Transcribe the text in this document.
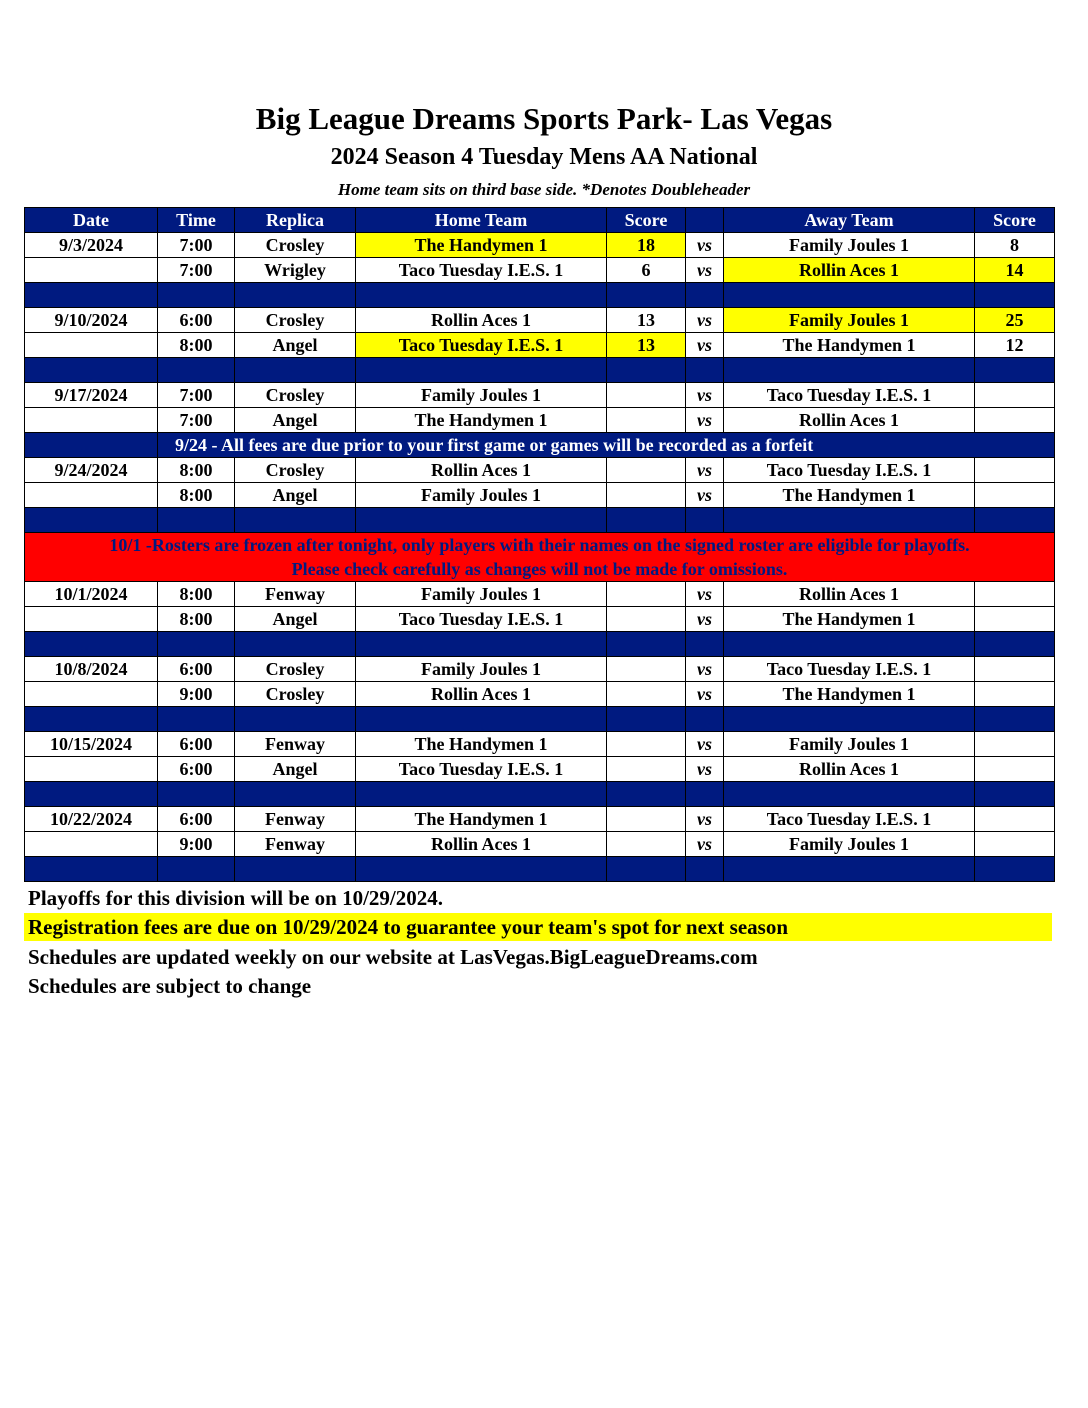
Big League Dreams Sports Park- Las Vegas
2024 Season 4 Tuesday Mens AA National
Home team sits on third base side. *Denotes Doubleheader
Date	Time	Replica	Home Team	Score		Away Team	Score
9/3/2024	7:00	Crosley	The Handymen 1	18	vs	Family Joules 1	8
	7:00	Wrigley	Taco Tuesday I.E.S. 1	6	vs	Rollin Aces 1	14

9/10/2024	6:00	Crosley	Rollin Aces 1	13	vs	Family Joules 1	25
	8:00	Angel	Taco Tuesday I.E.S. 1	13	vs	The Handymen 1	12

9/17/2024	7:00	Crosley	Family Joules 1		vs	Taco Tuesday I.E.S. 1	
	7:00	Angel	The Handymen 1		vs	Rollin Aces 1	
	9/24 - All fees are due prior to your first game or games will be recorded as a forfeit						
9/24/2024	8:00	Crosley	Rollin Aces 1		vs	Taco Tuesday I.E.S. 1	
	8:00	Angel	Family Joules 1		vs	The Handymen 1	

10/1 -Rosters are frozen after tonight, only players with their names on the signed roster are eligible for playoffs.							
Please check carefully as changes will not be made for omissions.							
10/1/2024	8:00	Fenway	Family Joules 1		vs	Rollin Aces 1	
	8:00	Angel	Taco Tuesday I.E.S. 1		vs	The Handymen 1	

10/8/2024	6:00	Crosley	Family Joules 1		vs	Taco Tuesday I.E.S. 1	
	9:00	Crosley	Rollin Aces 1		vs	The Handymen 1	

10/15/2024	6:00	Fenway	The Handymen 1		vs	Family Joules 1	
	6:00	Angel	Taco Tuesday I.E.S. 1		vs	Rollin Aces 1	

10/22/2024	6:00	Fenway	The Handymen 1		vs	Taco Tuesday I.E.S. 1	
	9:00	Fenway	Rollin Aces 1		vs	Family Joules 1	

Playoffs for this division will be on 10/29/2024.
Registration fees are due on 10/29/2024 to guarantee your team's spot for next season
Schedules are updated weekly on our website at LasVegas.BigLeagueDreams.com
Schedules are subject to change
